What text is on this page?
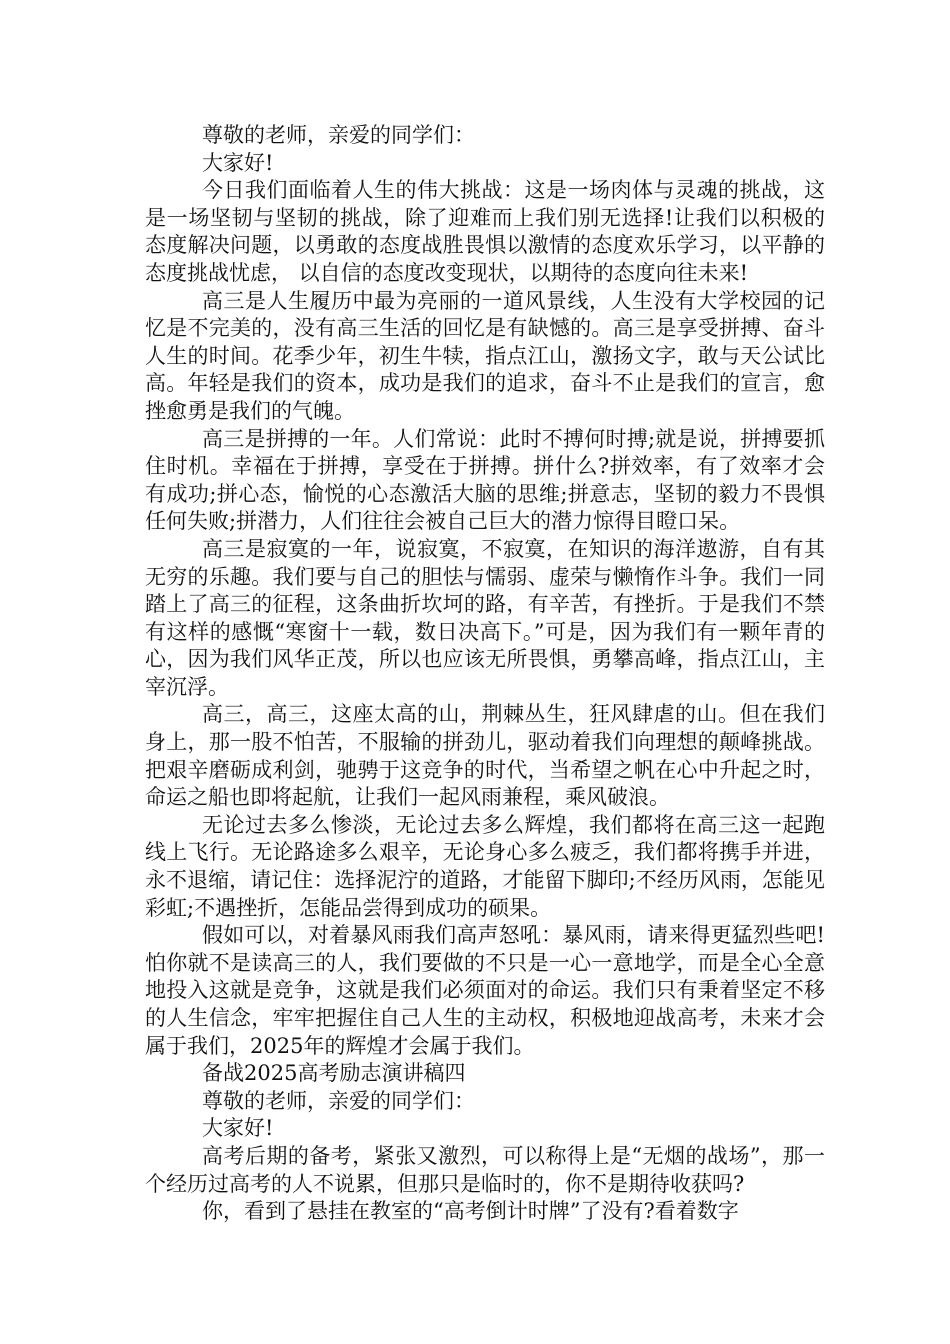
尊敬的老师，亲爱的同学们：

大家好!

今日我们面临着人生的伟大挑战：这是一场肉体与灵魂的挑战，这是一场坚韧与坚韧的挑战，除了迎难而上我们别无选择!让我们以积极的态度解决问题，以勇敢的态度战胜畏惧以激情的态度欢乐学习，以平静的态度挑战忧虑， 以自信的态度改变现状，以期待的态度向往未来!

高三是人生履历中最为亮丽的一道风景线，人生没有大学校园的记忆是不完美的，没有高三生活的回忆是有缺憾的。高三是享受拼搏、奋斗人生的时间。花季少年，初生牛犊，指点江山，激扬文字，敢与天公试比高。年轻是我们的资本，成功是我们的追求，奋斗不止是我们的宣言，愈挫愈勇是我们的气魄。

高三是拼搏的一年。人们常说：此时不搏何时搏;就是说，拼搏要抓住时机。幸福在于拼搏，享受在于拼搏。拼什么?拼效率，有了效率才会有成功;拼心态，愉悦的心态激活大脑的思维;拼意志，坚韧的毅力不畏惧任何失败;拼潜力，人们往往会被自己巨大的潜力惊得目瞪口呆。

高三是寂寞的一年，说寂寞，不寂寞，在知识的海洋遨游，自有其无穷的乐趣。我们要与自己的胆怯与懦弱、虚荣与懒惰作斗争。我们一同踏上了高三的征程，这条曲折坎坷的路，有辛苦，有挫折。于是我们不禁有这样的感慨“寒窗十一载，数日决高下。”可是，因为我们有一颗年青的心，因为我们风华正茂，所以也应该无所畏惧，勇攀高峰，指点江山，主宰沉浮。

高三，高三，这座太高的山，荆棘丛生，狂风肆虐的山。但在我们身上，那一股不怕苦，不服输的拼劲儿，驱动着我们向理想的颠峰挑战。把艰辛磨砺成利剑，驰骋于这竞争的时代，当希望之帆在心中升起之时，命运之船也即将起航，让我们一起风雨兼程，乘风破浪。

无论过去多么惨淡，无论过去多么辉煌，我们都将在高三这一起跑线上飞行。无论路途多么艰辛，无论身心多么疲乏，我们都将携手并进，永不退缩，请记住：选择泥泞的道路，才能留下脚印;不经历风雨，怎能见彩虹;不遇挫折，怎能品尝得到成功的硕果。

假如可以，对着暴风雨我们高声怒吼：暴风雨，请来得更猛烈些吧!怕你就不是读高三的人，我们要做的不只是一心一意地学，而是全心全意地投入这就是竞争，这就是我们必须面对的命运。我们只有秉着坚定不移的人生信念，牢牢把握住自己人生的主动权，积极地迎战高考，未来才会属于我们，2025年的辉煌才会属于我们。

备战2025高考励志演讲稿四

尊敬的老师，亲爱的同学们：

大家好!

高考后期的备考，紧张又激烈，可以称得上是“无烟的战场”，那一个经历过高考的人不说累，但那只是临时的，你不是期待收获吗?

你，看到了悬挂在教室的“高考倒计时牌”了没有?看着数字
